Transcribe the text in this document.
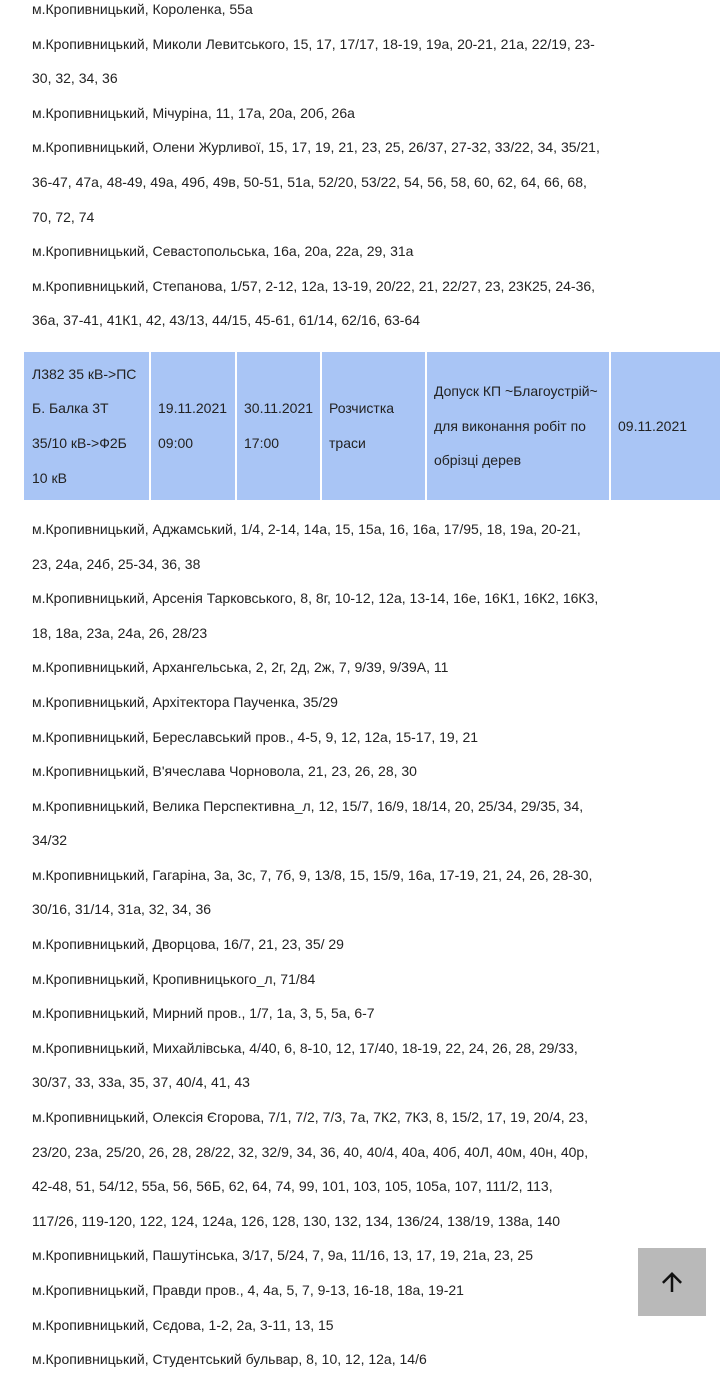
м.Кропивницький, Короленка, 55а

м.Кропивницький, Миколи Левитського, 15, 17, 17/17, 18-19, 19а, 20-21, 21а, 22/19, 23-30, 32, 34, 36

м.Кропивницький, Мічуріна, 11, 17а, 20а, 20б, 26а

м.Кропивницький, Олени Журливої, 15, 17, 19, 21, 23, 25, 26/37, 27-32, 33/22, 34, 35/21, 36-47, 47а, 48-49, 49а, 49б, 49в, 50-51, 51а, 52/20, 53/22, 54, 56, 58, 60, 62, 64, 66, 68, 70, 72, 74

м.Кропивницький, Севастопольська, 16а, 20а, 22а, 29, 31а

м.Кропивницький, Степанова, 1/57, 2-12, 12а, 13-19, 20/22, 21, 22/27, 23, 23К25, 24-36, 36а, 37-41, 41К1, 42, 43/13, 44/15, 45-61, 61/14, 62/16, 63-64

Л382 35 кВ->ПС Б. Балка 3Т 35/10 кВ->Ф2Б 10 кВ
19.11.2021 09:00
30.11.2021 17:00
Розчистка траси
Допуск КП ~Благоустрій~ для виконання робіт по обрізці дерев
09.11.2021

м.Кропивницький, Аджамський, 1/4, 2-14, 14а, 15, 15а, 16, 16а, 17/95, 18, 19а, 20-21, 23, 24а, 24б, 25-34, 36, 38

м.Кропивницький, Арсенія Тарковського, 8, 8г, 10-12, 12а, 13-14, 16е, 16К1, 16К2, 16К3, 18, 18а, 23а, 24а, 26, 28/23

м.Кропивницький, Архангельська, 2, 2г, 2д, 2ж, 7, 9/39, 9/39А, 11

м.Кропивницький, Архітектора Паученка, 35/29

м.Кропивницький, Береславський пров., 4-5, 9, 12, 12а, 15-17, 19, 21

м.Кропивницький, В'ячеслава Чорновола, 21, 23, 26, 28, 30

м.Кропивницький, Велика Перспективна_л, 12, 15/7, 16/9, 18/14, 20, 25/34, 29/35, 34, 34/32

м.Кропивницький, Гагаріна, 3а, 3с, 7, 7б, 9, 13/8, 15, 15/9, 16а, 17-19, 21, 24, 26, 28-30, 30/16, 31/14, 31а, 32, 34, 36

м.Кропивницький, Дворцова, 16/7, 21, 23, 35/ 29

м.Кропивницький, Кропивницького_л, 71/84

м.Кропивницький, Мирний пров., 1/7, 1а, 3, 5, 5а, 6-7

м.Кропивницький, Михайлівська, 4/40, 6, 8-10, 12, 17/40, 18-19, 22, 24, 26, 28, 29/33, 30/37, 33, 33а, 35, 37, 40/4, 41, 43

м.Кропивницький, Олексія Єгорова, 7/1, 7/2, 7/3, 7а, 7К2, 7К3, 8, 15/2, 17, 19, 20/4, 23, 23/20, 23а, 25/20, 26, 28, 28/22, 32, 32/9, 34, 36, 40, 40/4, 40а, 40б, 40Л, 40м, 40н, 40р, 42-48, 51, 54/12, 55а, 56, 56Б, 62, 64, 74, 99, 101, 103, 105, 105а, 107, 111/2, 113, 117/26, 119-120, 122, 124, 124а, 126, 128, 130, 132, 134, 136/24, 138/19, 138а, 140

м.Кропивницький, Пашутінська, 3/17, 5/24, 7, 9а, 11/16, 13, 17, 19, 21а, 23, 25

м.Кропивницький, Правди пров., 4, 4а, 5, 7, 9-13, 16-18, 18а, 19-21

м.Кропивницький, Сєдова, 1-2, 2а, 3-11, 13, 15

м.Кропивницький, Студентський бульвар, 8, 10, 12, 12а, 14/6
